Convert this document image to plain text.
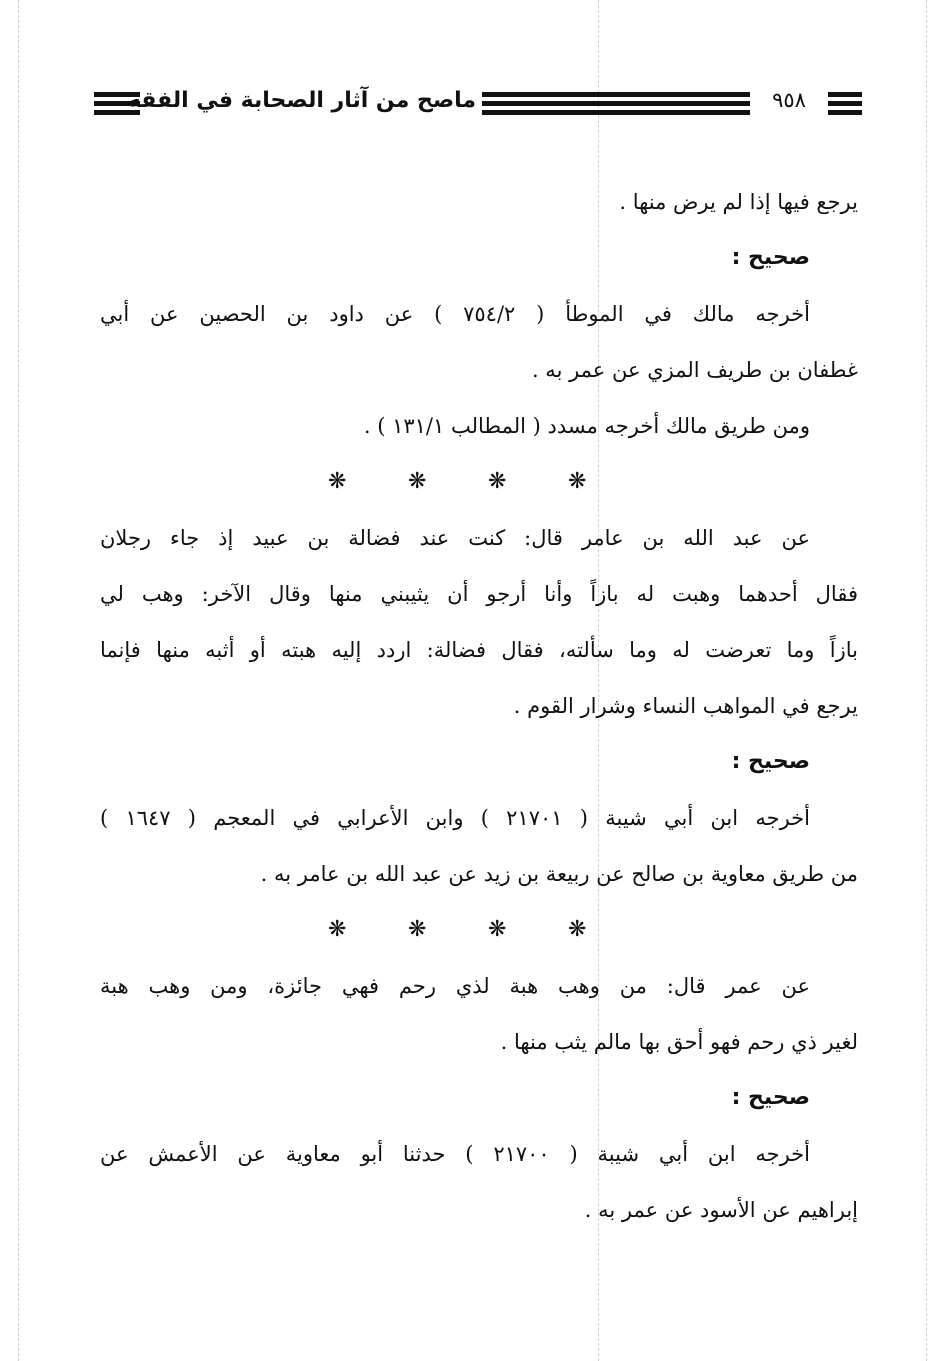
ماصح من آثار الصحابة في الفقه	٩٥٨
يرجع فيها إذا لم يرض منها .
صحيح :
أخرجه مالك في الموطأ ( ٧٥٤/٢ ) عن داود بن الحصين عن أبي
غطفان بن طريف المزي عن عمر به .
ومن طريق مالك أخرجه مسدد ( المطالب ١٣١/١ ) .
❋	❋	❋	❋
عن عبد الله بن عامر قال: كنت عند فضالة بن عبيد إذ جاء رجلان
فقال أحدهما وهبت له بازاً وأنا أرجو أن يثيبني منها وقال الآخر: وهب لي
بازاً وما تعرضت له وما سألته، فقال فضالة: اردد إليه هبته أو أثبه منها فإنما
يرجع في المواهب النساء وشرار القوم .
صحيح :
أخرجه ابن أبي شيبة ( ٢١٧٠١ ) وابن الأعرابي في المعجم ( ١٦٤٧ )
من طريق معاوية بن صالح عن ربيعة بن زيد عن عبد الله بن عامر به .
❋	❋	❋	❋
عن عمر قال: من وهب هبة لذي رحم فهي جائزة، ومن وهب هبة
لغير ذي رحم فهو أحق بها مالم يثب منها .
صحيح :
أخرجه ابن أبي شيبة ( ٢١٧٠٠ ) حدثنا أبو معاوية عن الأعمش عن
إبراهيم عن الأسود عن عمر به .
